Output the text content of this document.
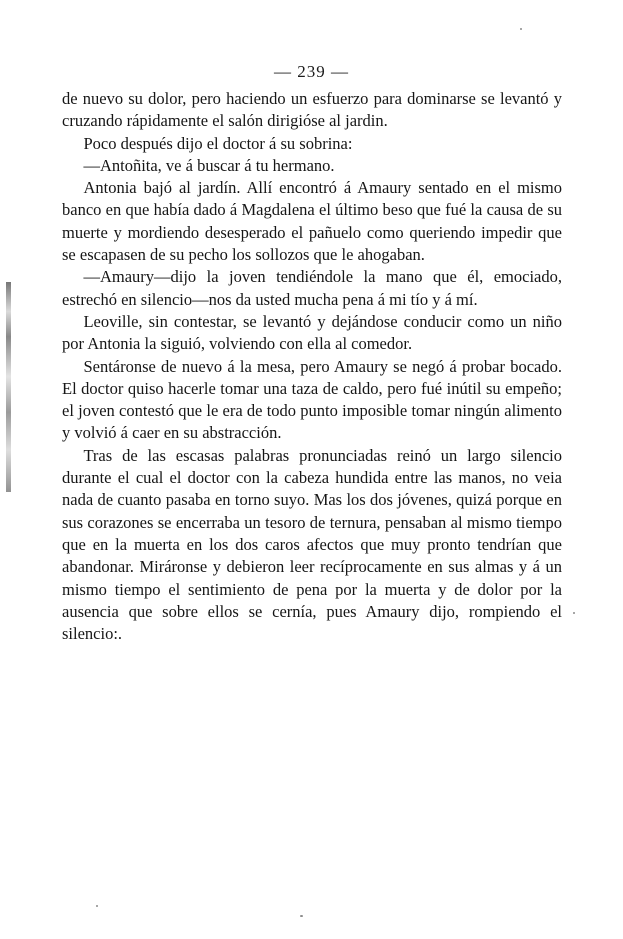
— 239 —

de nuevo su dolor, pero haciendo un esfuerzo para dominarse se levantó y cruzando rápidamente el salón dirigióse al jardin.

Poco después dijo el doctor á su sobrina:

—Antoñita, ve á buscar á tu hermano.

Antonia bajó al jardín. Allí encontró á Amaury sentado en el mismo banco en que había dado á Magdalena el último beso que fué la causa de su muerte y mordiendo desesperado el pañuelo como queriendo impedir que se escapasen de su pecho los sollozos que le ahogaban.

—Amaury—dijo la joven tendiéndole la mano que él, emociado, estrechó en silencio—nos da usted mucha pena á mi tío y á mí.

Leoville, sin contestar, se levantó y dejándose conducir como un niño por Antonia la siguió, volviendo con ella al comedor.

Sentáronse de nuevo á la mesa, pero Amaury se negó á probar bocado. El doctor quiso hacerle tomar una taza de caldo, pero fué inútil su empeño; el joven contestó que le era de todo punto imposible tomar ningún alimento y volvió á caer en su abstracción.

Tras de las escasas palabras pronunciadas reinó un largo silencio durante el cual el doctor con la cabeza hundida entre las manos, no veia nada de cuanto pasaba en torno suyo. Mas los dos jóvenes, quizá porque en sus corazones se encerraba un tesoro de ternura, pensaban al mismo tiempo que en la muerta en los dos caros afectos que muy pronto tendrían que abandonar. Miráronse y debieron leer recíprocamente en sus almas y á un mismo tiempo el sentimiento de pena por la muerta y de dolor por la ausencia que sobre ellos se cernía, pues Amaury dijo, rompiendo el silencio:.
